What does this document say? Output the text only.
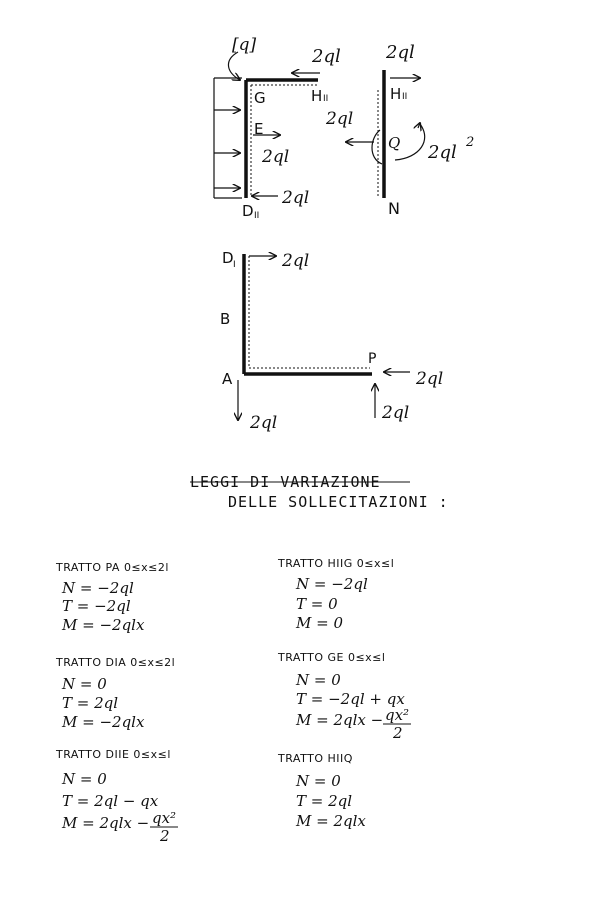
[q]
2ql	2ql
2ql
2ql
2ql
2ql 2
G	H II	H II
E
Q
D II	N
2ql
2ql
2ql
2ql
D I
B
A
P
LEGGI DI VARIAZIONE
DELLE SOLLECITAZIONI :
TRATTO PA 0≤x≤2l
N = −2ql
T = −2ql
M = −2qlx
TRATTO DIA 0≤x≤2l
N = 0
T = 2ql
M = −2qlx
TRATTO DIIE 0≤x≤l
N = 0
T = 2ql − qx
M = 2qlx − qx²
2
TRATTO HIIG 0≤x≤l
N = −2ql
T = 0
M = 0
TRATTO GE 0≤x≤l
N = 0
T = −2ql + qx
M = 2qlx − qx²
2
TRATTO HIIQ
N = 0
T = 2ql
M = 2qlx
